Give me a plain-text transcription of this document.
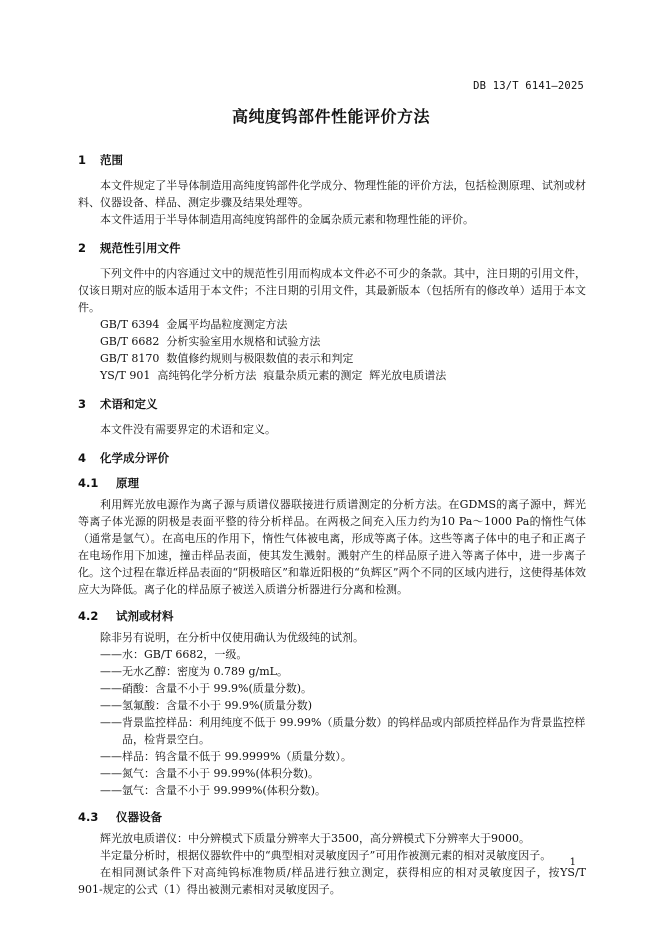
DB 13/T 6141—2025
高纯度钨部件性能评价方法
1 范围

本文件规定了半导体制造用高纯度钨部件化学成分、物理性能的评价方法，包括检测原理、试剂或材料、仪器设备、样品、测定步骤及结果处理等。

本文件适用于半导体制造用高纯度钨部件的金属杂质元素和物理性能的评价。

2 规范性引用文件

下列文件中的内容通过文中的规范性引用而构成本文件必不可少的条款。其中，注日期的引用文件，仅该日期对应的版本适用于本文件；不注日期的引用文件，其最新版本（包括所有的修改单）适用于本文件。

GB/T 6394  金属平均晶粒度测定方法
GB/T 6682  分析实验室用水规格和试验方法
GB/T 8170  数值修约规则与极限数值的表示和判定
YS/T 901  高纯钨化学分析方法  痕量杂质元素的测定  辉光放电质谱法
3 术语和定义

本文件没有需要界定的术语和定义。

4 化学成分评价
4.1 原理

利用辉光放电源作为离子源与质谱仪器联接进行质谱测定的分析方法。在GDMS的离子源中，辉光等离子体光源的阴极是表面平整的待分析样品。在两极之间充入压力约为10 Pa～1000 Pa的惰性气体（通常是氩气）。在高电压的作用下，惰性气体被电离，形成等离子体。这些等离子体中的电子和正离子在电场作用下加速，撞击样品表面，使其发生溅射。溅射产生的样品原子进入等离子体中，进一步离子化。这个过程在靠近样品表面的“阴极暗区”和靠近阳极的“负辉区”两个不同的区域内进行，这使得基体效应大为降低。离子化的样品原子被送入质谱分析器进行分离和检测。

4.2 试剂或材料
除非另有说明，在分析中仅使用确认为优级纯的试剂。
——水：GB/T 6682，一级。
——无水乙醇：密度为 0.789 g/mL。
——硝酸：含量不小于 99.9%(质量分数)。
——氢氟酸：含量不小于 99.9%(质量分数)
——背景监控样品：利用纯度不低于 99.99%（质量分数）的钨样品或内部质控样品作为背景监控样品，检背景空白。
——样品：钨含量不低于 99.9999%（质量分数）。
——氮气：含量不小于 99.99%(体积分数)。
——氩气：含量不小于 99.999%(体积分数)。
4.3 仪器设备

辉光放电质谱仪：中分辨模式下质量分辨率大于3500，高分辨模式下分辨率大于9000。

半定量分析时，根据仪器软件中的“典型相对灵敏度因子”可用作被测元素的相对灵敏度因子。

在相同测试条件下对高纯钨标准物质/样品进行独立测定，获得相应的相对灵敏度因子，按YS/T 901-规定的公式（1）得出被测元素相对灵敏度因子。

1
